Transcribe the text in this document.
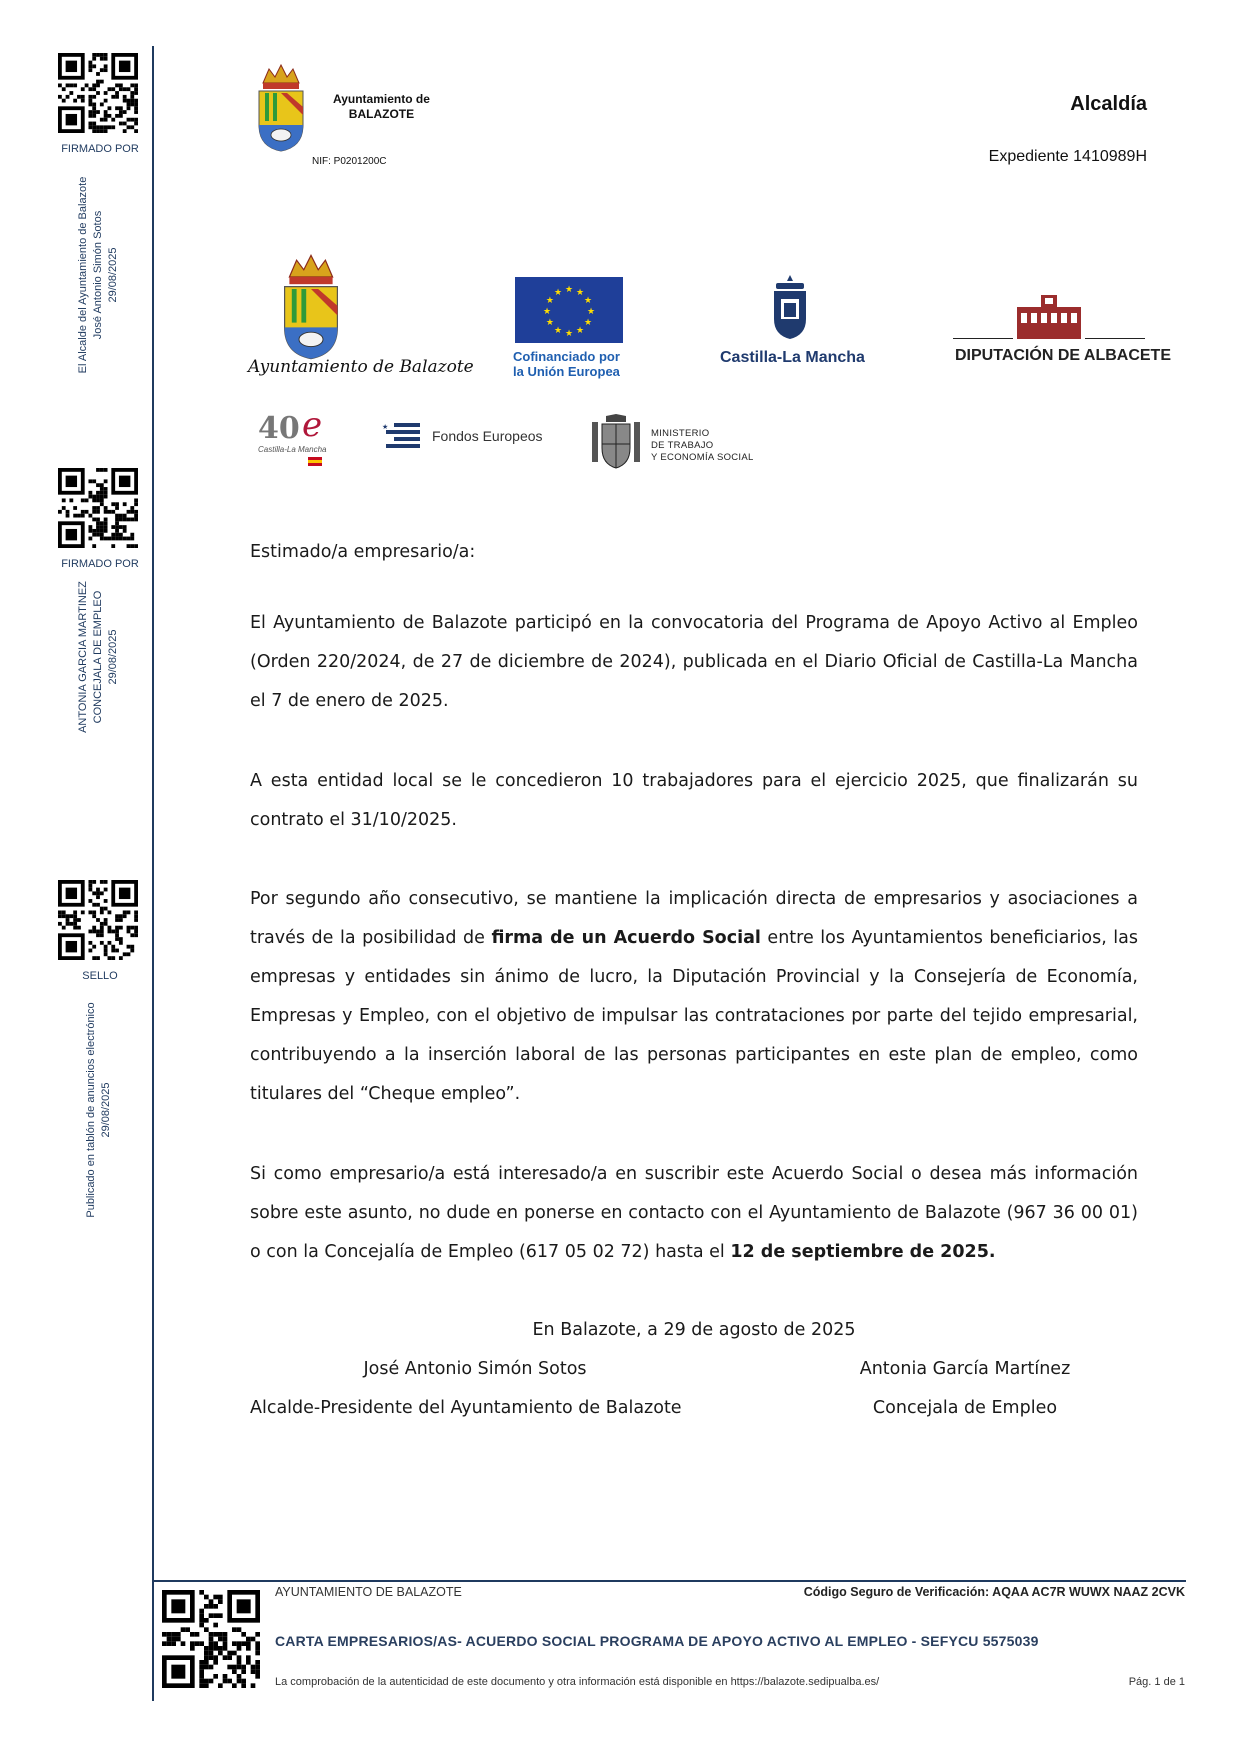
FIRMADO POR
El Alcalde del Ayuntamiento de Balazote José Antonio Simón Sotos 29/08/2025
FIRMADO POR
ANTONIA GARCIA MARTINEZ CONCEJALA DE EMPLEO 29/08/2025
SELLO
Publicado en tablón de anuncios electrónico 29/08/2025
Ayuntamiento de
BALAZOTE
NIF: P0201200C
Alcaldía
Expediente 1410989H
Ayuntamiento de Balazote
★
★
★
★
★
★
★
★
★ ★ ★
★
Cofinanciado por
la Unión Europea
Castilla-La Mancha	DIPUTACIÓN DE ALBACETE
40 e
Castilla-La Mancha
★
Fondos Europeos	MINISTERIO
DE TRABAJO
Y ECONOMÍA SOCIAL
Estimado/a empresario/a:
El Ayuntamiento de Balazote participó en la convocatoria del Programa de Apoyo Activo al Empleo (Orden 220/2024, de 27 de diciembre de 2024), publicada en el Diario Oficial de Castilla-La Mancha el 7 de enero de 2025.
A esta entidad local se le concedieron 10 trabajadores para el ejercicio 2025, que finalizarán su contrato el 31/10/2025.
Por segundo año consecutivo, se mantiene la implicación directa de empresarios y asociaciones a través de la posibilidad de firma de un Acuerdo Social entre los Ayuntamientos beneficiarios, las empresas y entidades sin ánimo de lucro, la Diputación Provincial y la Consejería de Economía, Empresas y Empleo, con el objetivo de impulsar las contrataciones por parte del tejido empresarial, contribuyendo a la inserción laboral de las personas participantes en este plan de empleo, como titulares del “Cheque empleo”.
Si como empresario/a está interesado/a en suscribir este Acuerdo Social o desea más información sobre este asunto, no dude en ponerse en contacto con el Ayuntamiento de Balazote (967 36 00 01) o con la Concejalía de Empleo (617 05 02 72) hasta el 12 de septiembre de 2025.
En Balazote, a 29 de agosto de 2025
José Antonio Simón Sotos	Antonia García Martínez
Alcalde-Presidente del Ayuntamiento de Balazote	Concejala de Empleo
AYUNTAMIENTO DE BALAZOTE	Código Seguro de Verificación: AQAA AC7R WUWX NAAZ 2CVK
CARTA EMPRESARIOS/AS- ACUERDO SOCIAL PROGRAMA DE APOYO ACTIVO AL EMPLEO - SEFYCU 5575039
La comprobación de la autenticidad de este documento y otra información está disponible en https://balazote.sedipualba.es/	Pág. 1 de 1
